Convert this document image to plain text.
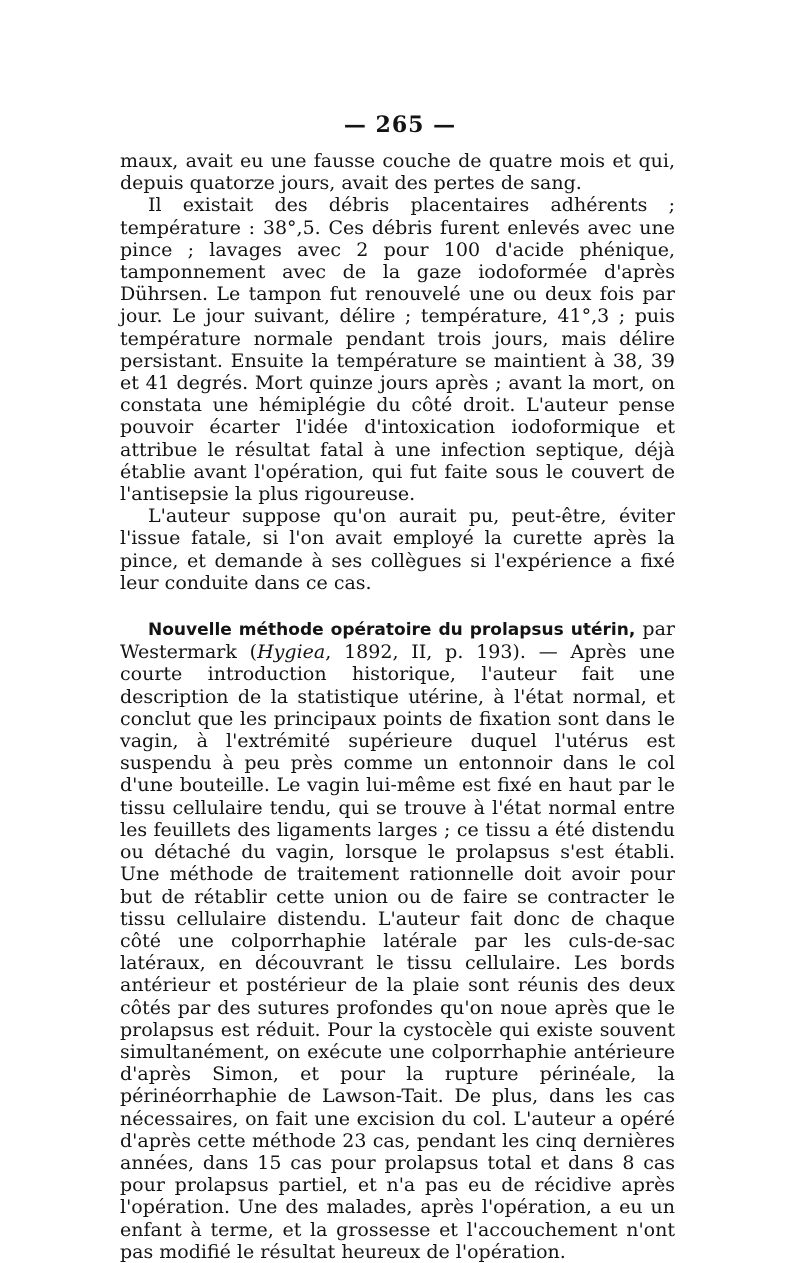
— 265 —

maux, avait eu une fausse couche de quatre mois et qui, depuis quatorze jours, avait des pertes de sang.

Il existait des débris placentaires adhérents ; température : 38°,5. Ces débris furent enlevés avec une pince ; lavages avec 2 pour 100 d'acide phénique, tamponnement avec de la gaze iodoformée d'après Dührsen. Le tampon fut renouvelé une ou deux fois par jour. Le jour suivant, délire ; température, 41°,3 ; puis température normale pendant trois jours, mais délire persistant. Ensuite la température se maintient à 38, 39 et 41 degrés. Mort quinze jours après ; avant la mort, on constata une hémiplégie du côté droit. L'auteur pense pouvoir écarter l'idée d'intoxication iodoformique et attribue le résultat fatal à une infection septique, déjà établie avant l'opération, qui fut faite sous le couvert de l'antisepsie la plus rigoureuse.

L'auteur suppose qu'on aurait pu, peut-être, éviter l'issue fatale, si l'on avait employé la curette après la pince, et demande à ses collègues si l'expérience a fixé leur conduite dans ce cas.

Nouvelle méthode opératoire du prolapsus utérin, par Westermark (Hygiea, 1892, II, p. 193). — Après une courte introduction historique, l'auteur fait une description de la statistique utérine, à l'état normal, et conclut que les principaux points de fixation sont dans le vagin, à l'extrémité supérieure duquel l'utérus est suspendu à peu près comme un entonnoir dans le col d'une bouteille. Le vagin lui-même est fixé en haut par le tissu cellulaire tendu, qui se trouve à l'état normal entre les feuillets des ligaments larges ; ce tissu a été distendu ou détaché du vagin, lorsque le prolapsus s'est établi. Une méthode de traitement rationnelle doit avoir pour but de rétablir cette union ou de faire se contracter le tissu cellulaire distendu. L'auteur fait donc de chaque côté une colporrhaphie latérale par les culs-de-sac latéraux, en découvrant le tissu cellulaire. Les bords antérieur et postérieur de la plaie sont réunis des deux côtés par des sutures profondes qu'on noue après que le prolapsus est réduit. Pour la cystocèle qui existe souvent simultanément, on exécute une colporrhaphie antérieure d'après Simon, et pour la rupture périnéale, la périnéorrhaphie de Lawson-Tait. De plus, dans les cas nécessaires, on fait une excision du col. L'auteur a opéré d'après cette méthode 23 cas, pendant les cinq dernières années, dans 15 cas pour prolapsus total et dans 8 cas pour prolapsus partiel, et n'a pas eu de récidive après l'opération. Une des malades, après l'opération, a eu un enfant à terme, et la grossesse et l'accouchement n'ont pas modifié le résultat heureux de l'opération.
